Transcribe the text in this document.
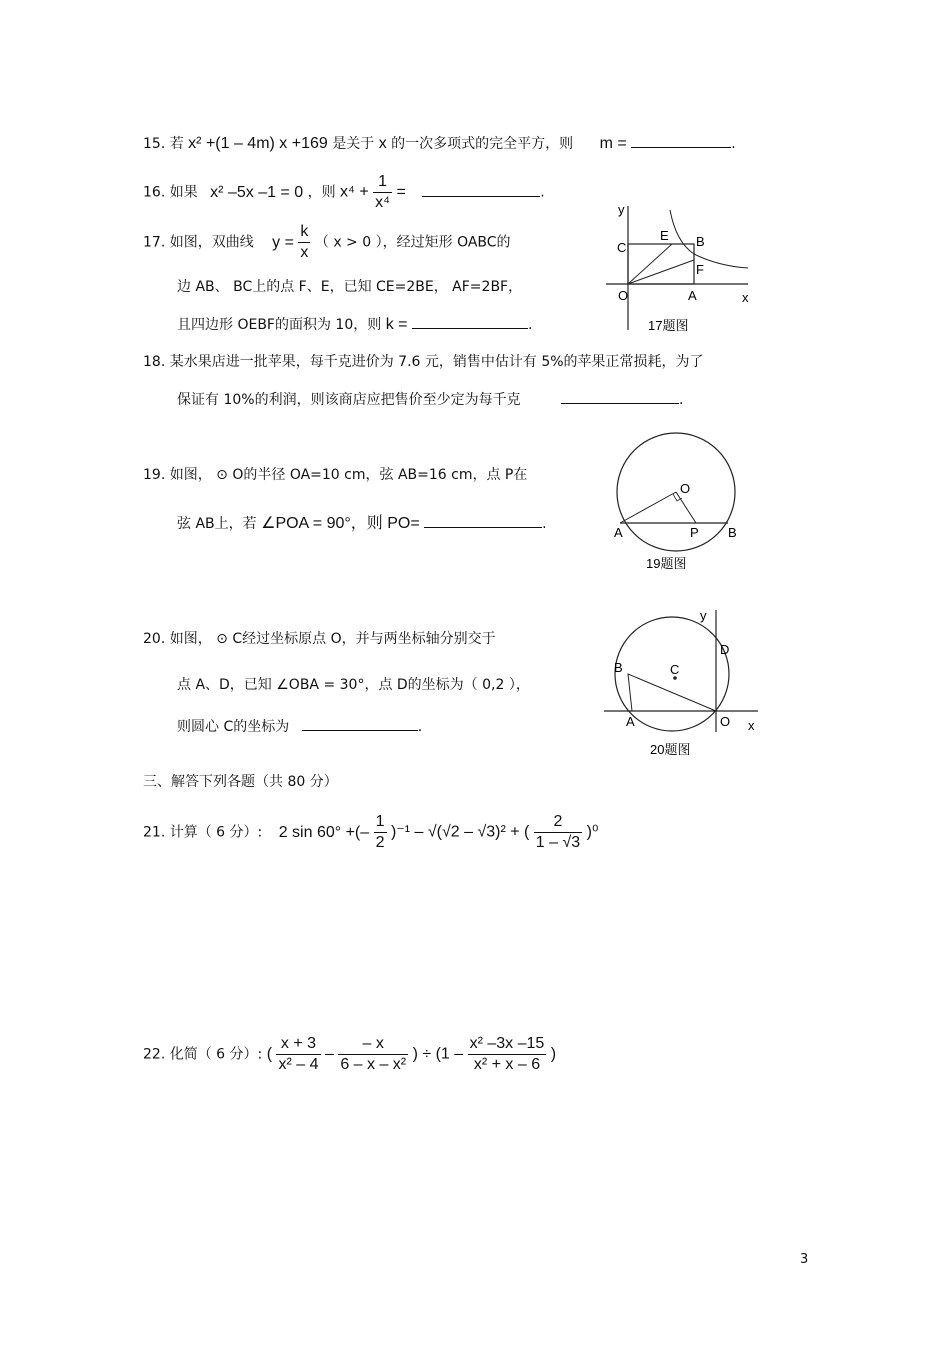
15. 若 x² +(1 – 4m) x +169 是关于 x 的一次多项式的完全平方，则 m =	.
16. 如果 x² –5x –1 = 0 ，则 $x^4 + \frac{1}{\text{x⁴}}$ =	.
17. 如图，双曲线 $y = \frac{k}{x}$ （ x > 0 ），经过矩形 OABC的
边 AB、 BC上的点 F、E，已知 CE=2BE， AF=2BF，
且四边形 OEBF的面积为 10，则 k =	.
y
x
O	A
B
C
E
F
17题图
18. 某水果店进一批苹果，每千克进价为 7.6 元，销售中估计有 5%的苹果正常损耗，为了
保证有 10%的利润，则该商店应把售价至少定为每千克	.
19. 如图， ⊙ O的半径 OA=10 cm，弦 AB=16 cm，点 P在
弦 AB上，若 ∠POA = 90°，则 PO=	.
O
A	P B
19题图
20. 如图， ⊙ C经过坐标原点 O，并与两坐标轴分别交于
点 A、D，已知 ∠OBA = 30°，点 D的坐标为（ 0,2 ），
则圆心 C的坐标为	.
y
x
O
A
B	C
D
20题图
三、解答下列各题（共 80 分）
21. 计算（ 6 分）: 2 sin 60° +(– $\frac{1}{2} )^{-1} - √(√2 - √3)^2$ + ( $\frac{2}{1 - √3} )^0$
22. 化简（ 6 分）: ( $\frac{x + 3}{\text{x² – 4}} - \frac{- x}{\text{6 – x – x²}}$ ) ÷ ($1 - \frac{\text{x² –3x –15}}{\text{x² + x – 6}}$ )
3
